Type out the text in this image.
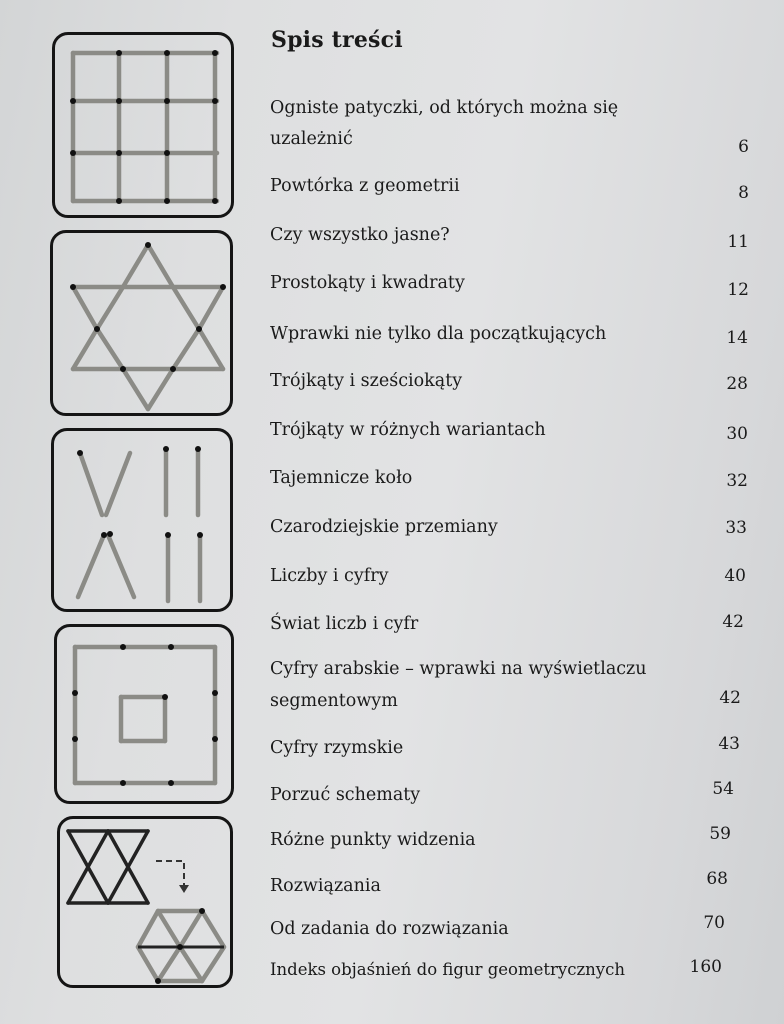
Spis treści
Ogniste patyczki, od których można się
uzależnić	6
Powtórka z geometrii	8
Czy wszystko jasne?	11
Prostokąty i kwadraty	12
Wprawki nie tylko dla początkujących	14
Trójkąty i sześciokąty	28
Trójkąty w różnych wariantach	30
Tajemnicze koło	32
Czarodziejskie przemiany	33
Liczby i cyfry	40
Świat liczb i cyfr	42
Cyfry arabskie – wprawki na wyświetlaczu
segmentowym	42
Cyfry rzymskie	43
Porzuć schematy	54
Różne punkty widzenia	59
Rozwiązania	68
Od zadania do rozwiązania	70
Indeks objaśnień do figur geometrycznych	160
